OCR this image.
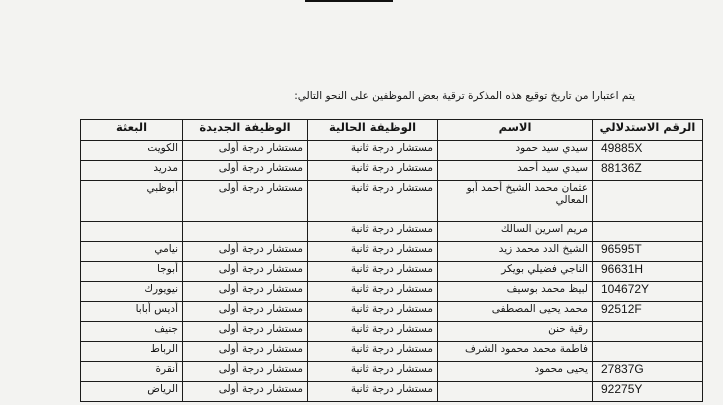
يتم اعتبارا من تاريخ توقيع هذه المذكرة ترقية بعض الموظفين على النحو التالي:
الرقم الاستدلالي	الاسم	الوظيفة الحالية	الوظيفة الجديدة	البعثة
49885X	سيدي سيد حمود	مستشار درجة ثانية	مستشار درجة أولى	الكويت
88136Z	سيدي سيد أحمد	مستشار درجة ثانية	مستشار درجة أولى	مدريد
	عثمان محمد الشيخ أحمد أبو المعالي	مستشار درجة ثانية	مستشار درجة أولى	أبوظبي
	مريم اسرين السالك	مستشار درجة ثانية		
96595T	الشيخ الدد محمد زيد	مستشار درجة ثانية	مستشار درجة أولى	نيامي
96631H	الناجي فضيلي بويكر	مستشار درجة ثانية	مستشار درجة أولى	أبوجا
104672Y	لبيظ محمد بوسيف	مستشار درجة ثانية	مستشار درجة أولى	نيويورك
92512F	محمد يحيى المصطفى	مستشار درجة ثانية	مستشار درجة أولى	أديس أبابا
	رقية حنن	مستشار درجة ثانية	مستشار درجة أولى	جنيف
	فاطمة محمد محمود الشرف	مستشار درجة ثانية	مستشار درجة أولى	الرباط
27837G	يحيى محمود	مستشار درجة ثانية	مستشار درجة أولى	أنقرة
92275Y		مستشار درجة ثانية	مستشار درجة أولى	الرياض
